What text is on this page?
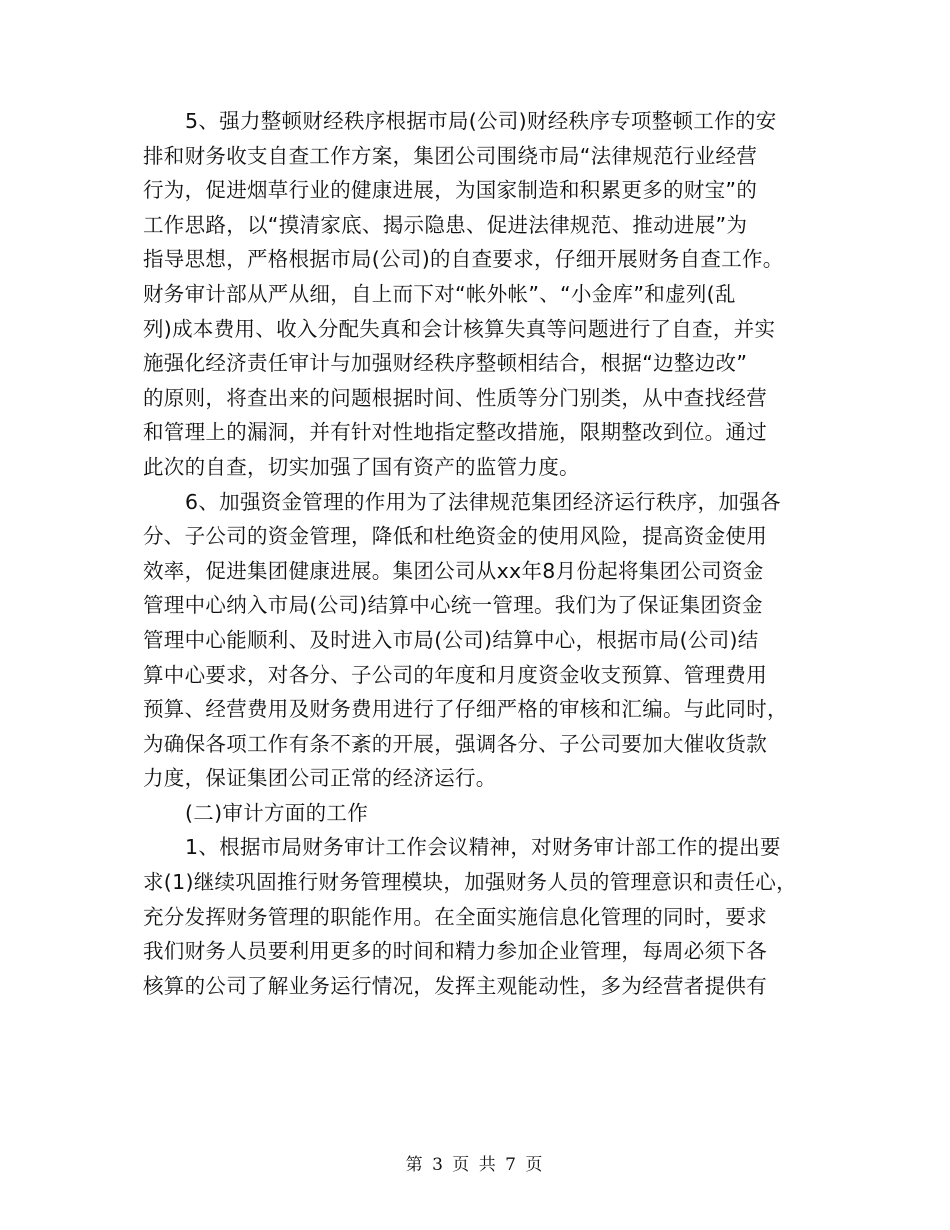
5、强力整顿财经秩序根据市局(公司)财经秩序专项整顿工作的安
排和财务收支自查工作方案，集团公司围绕市局“法律规范行业经营
行为，促进烟草行业的健康进展，为国家制造和积累更多的财宝”的
工作思路，以“摸清家底、揭示隐患、促进法律规范、推动进展”为
指导思想，严格根据市局(公司)的自查要求，仔细开展财务自查工作。
财务审计部从严从细，自上而下对“帐外帐”、“小金库”和虚列(乱
列)成本费用、收入分配失真和会计核算失真等问题进行了自查，并实
施强化经济责任审计与加强财经秩序整顿相结合，根据“边整边改”
的原则，将查出来的问题根据时间、性质等分门别类，从中查找经营
和管理上的漏洞，并有针对性地指定整改措施，限期整改到位。通过
此次的自查，切实加强了国有资产的监管力度。
6、加强资金管理的作用为了法律规范集团经济运行秩序，加强各
分、子公司的资金管理，降低和杜绝资金的使用风险，提高资金使用
效率，促进集团健康进展。集团公司从xx年8月份起将集团公司资金
管理中心纳入市局(公司)结算中心统一管理。我们为了保证集团资金
管理中心能顺利、及时进入市局(公司)结算中心，根据市局(公司)结
算中心要求，对各分、子公司的年度和月度资金收支预算、管理费用
预算、经营费用及财务费用进行了仔细严格的审核和汇编。与此同时，
为确保各项工作有条不紊的开展，强调各分、子公司要加大催收货款
力度，保证集团公司正常的经济运行。
(二)审计方面的工作
1、根据市局财务审计工作会议精神，对财务审计部工作的提出要
求(1)继续巩固推行财务管理模块，加强财务人员的管理意识和责任心，
充分发挥财务管理的职能作用。在全面实施信息化管理的同时，要求
我们财务人员要利用更多的时间和精力参加企业管理，每周必须下各
核算的公司了解业务运行情况，发挥主观能动性，多为经营者提供有
第 3 页 共 7 页
